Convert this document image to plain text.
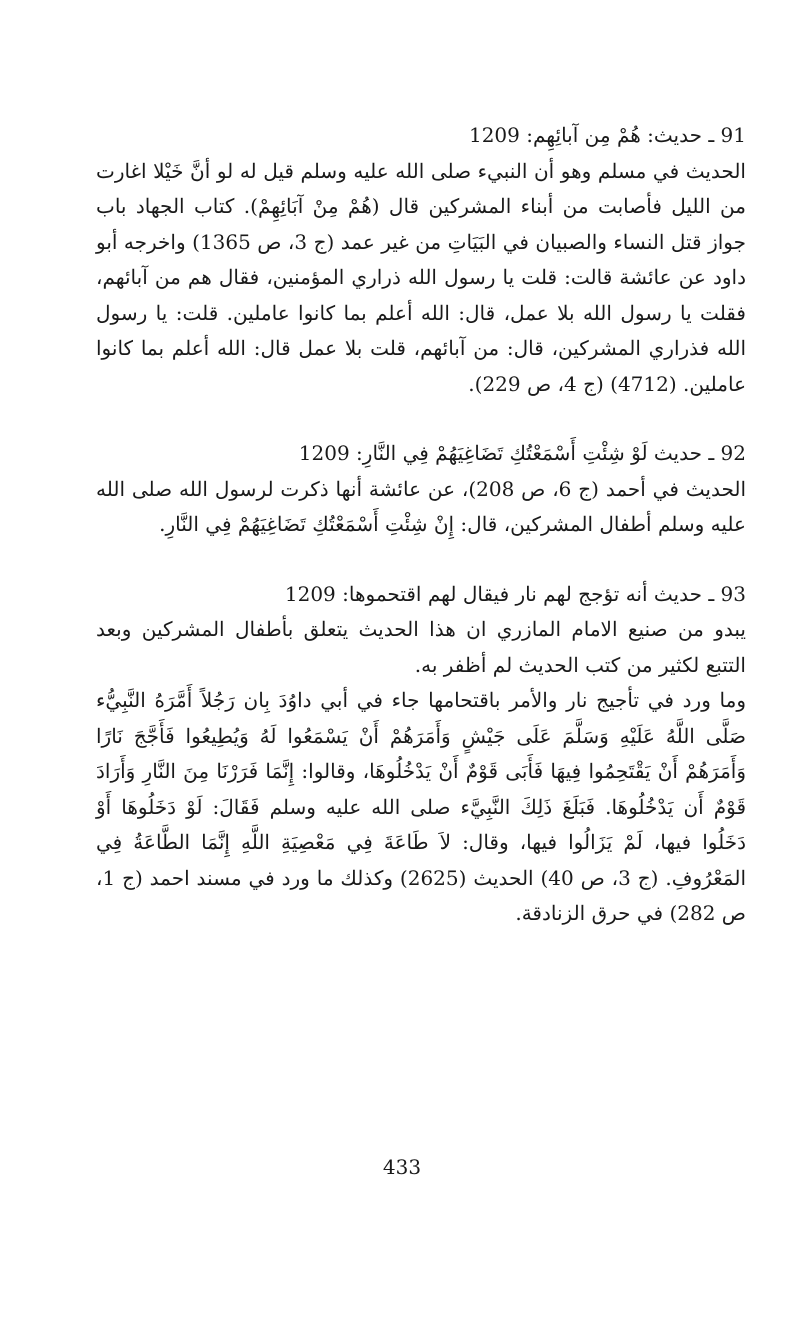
91 ـ حديث: هُمْ مِن آبائِهِم: 1209

الحديث في مسلم وهو أن النبيء صلى الله عليه وسلم قيل له لو أنَّ خَيْلا اغارت من الليل فأصابت من أبناء المشركين قال (هُمْ مِنْ آبَائِهِمْ). كتاب الجهاد باب جواز قتل النساء والصبيان في البَيَاتِ من غير عمد (ج 3، ص 1365) واخرجه أبو داود عن عائشة قالت: قلت يا رسول الله ذراري المؤمنين، فقال هم من آبائهم، فقلت يا رسول الله بلا عمل، قال: الله أعلم بما كانوا عاملين. قلت: يا رسول الله فذراري المشركين، قال: من آبائهم، قلت بلا عمل قال: الله أعلم بما كانوا عاملين. (4712) (ج 4، ص 229).

92 ـ حديث لَوْ شِئْتِ أَسْمَعْتُكِ تَضَاغِيَهُمْ فِي النَّارِ: 1209

الحديث في أحمد (ج 6، ص 208)، عن عائشة أنها ذكرت لرسول الله صلى الله عليه وسلم أطفال المشركين، قال: إِنْ شِئْتِ أَسْمَعْتُكِ تَضَاغِيَهُمْ فِي النَّارِ.

93 ـ حديث أنه تؤجج لهم نار فيقال لهم اقتحموها: 1209

يبدو من صنيع الامام المازري ان هذا الحديث يتعلق بأطفال المشركين وبعد التتبع لكثير من كتب الحديث لم أظفر به.

وما ورد في تأجيج نار والأمر باقتحامها جاء في أبي داوُدَ بِان رَجُلاً أَمَّرَهُ النَّبِيُّء صَلَّى اللَّهُ عَلَيْهِ وَسَلَّمَ عَلَى جَيْشٍ وَأَمَرَهُمْ أَنْ يَسْمَعُوا لَهُ وَيُطِيعُوا فَأَجَّجَ نَارًا وَأَمَرَهُمْ أَنْ يَقْتَحِمُوا فِيهَا فَأَبَى قَوْمٌ أَنْ يَدْخُلُوهَا، وقالوا: إِنَّمَا فَرَرْنَا مِنَ النَّارِ وَأَرَادَ قَوْمٌ أَن يَدْخُلُوهَا. فَبَلَغَ ذَلِكَ النَّبِيَّء صلى الله عليه وسلم فَقَالَ: لَوْ دَخَلُوهَا أَوْ دَخَلُوا فيها، لَمْ يَزَالُوا فيها، وقال: لاَ طَاعَةَ فِي مَعْصِيَةِ اللَّهِ إِنَّمَا الطَّاعَةُ فِي المَعْرُوفِ. (ج 3، ص 40) الحديث (2625) وكذلك ما ورد في مسند احمد (ج 1، ص 282) في حرق الزنادقة.

433
